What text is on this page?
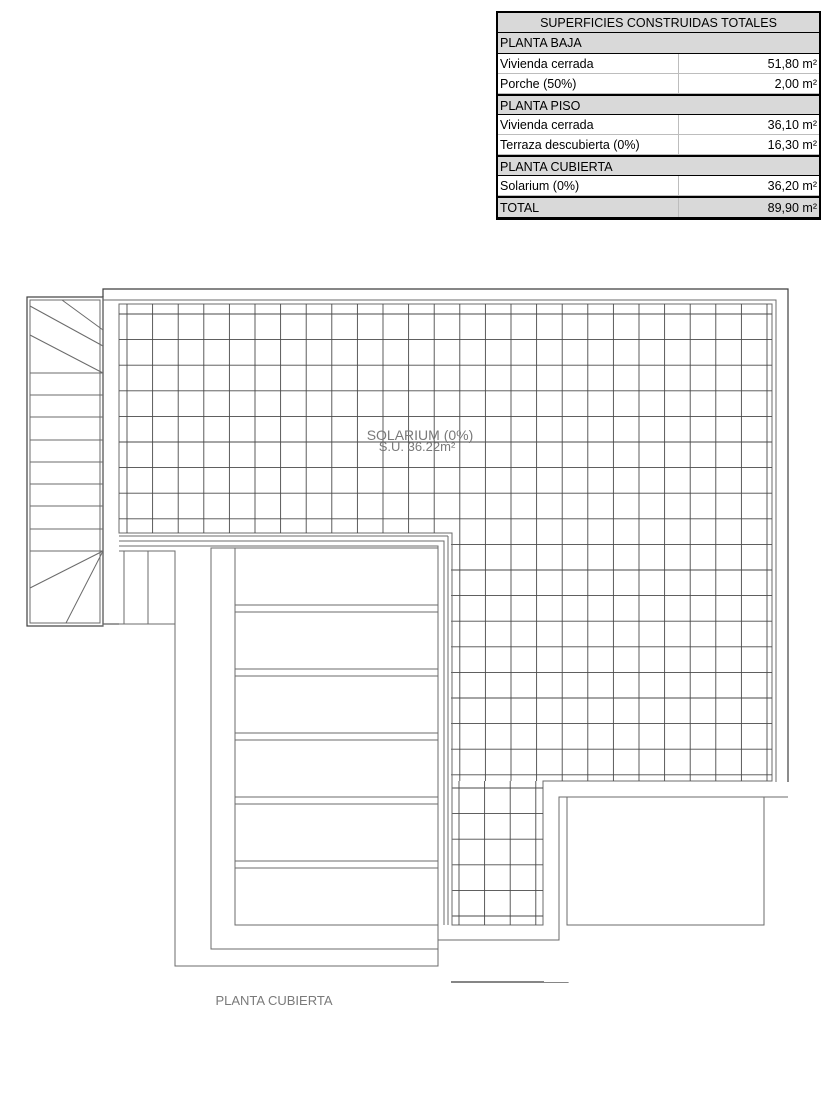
SUPERFICIES CONSTRUIDAS TOTALES
PLANTA BAJA
Vivienda cerrada	51,80 m²
Porche (50%)	2,00 m²
PLANTA PISO
Vivienda cerrada	36,10 m²
Terraza descubierta (0%)	16,30 m²
PLANTA CUBIERTA
Solarium (0%)	36,20 m²
TOTAL	89,90 m²
SOLARIUM (0%)
S.U. 36.22m²
PLANTA CUBIERTA
